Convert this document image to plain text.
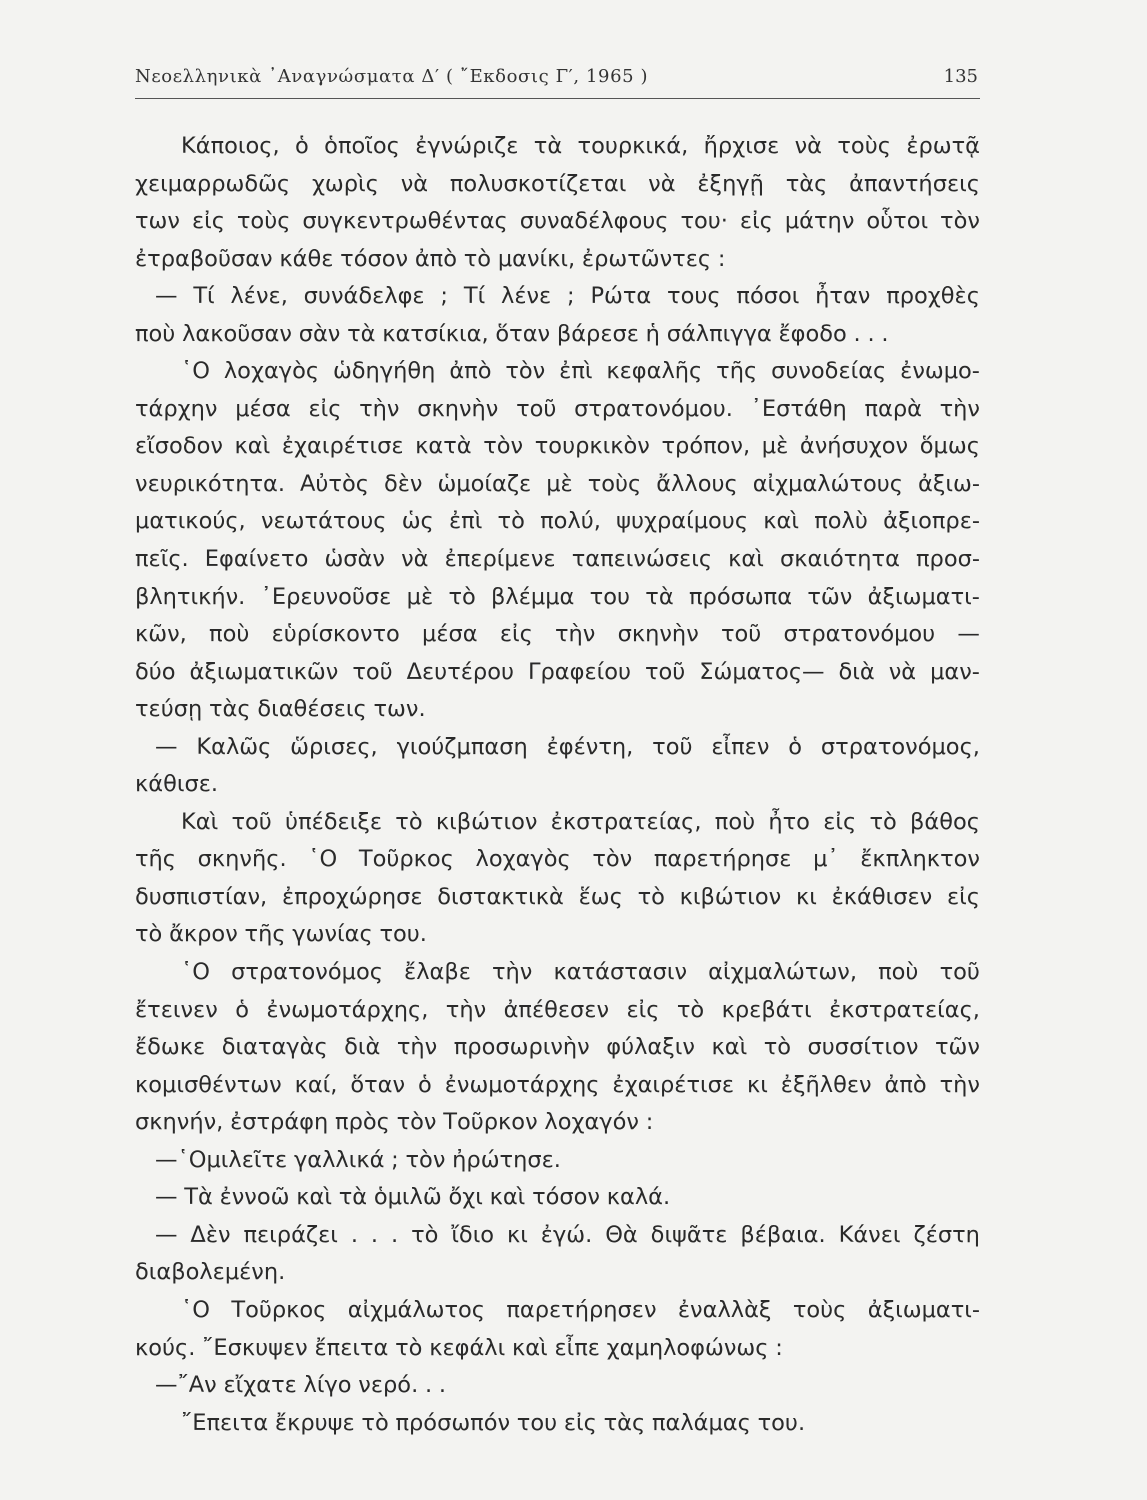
Νεοελληνικὰ ᾿Αναγνώσματα Δ′ ( ῎Εκδοσις Γ′, 1965 )	135
Κάποιος, ὁ ὁποῖος ἐγνώριζε τὰ τουρκικά, ἤρχισε νὰ τοὺς ἐρωτᾷ
χειμαρρωδῶς χωρὶς νὰ πολυσκοτίζεται νὰ ἐξηγῇ τὰς ἀπαντήσεις
των εἰς τοὺς συγκεντρωθέντας συναδέλφους του· εἰς μάτην οὗτοι τὸν
ἐτραβοῦσαν κάθε τόσον ἀπὸ τὸ μανίκι, ἐρωτῶντες :
— Τί λένε, συνάδελφε ; Τί λένε ; Ρώτα τους πόσοι ἦταν προχθὲς
ποὺ λακοῦσαν σὰν τὰ κατσίκια, ὅταν βάρεσε ἡ σάλπιγγα ἔφοδο . . .
῾Ο λοχαγὸς ὡδηγήθη ἀπὸ τὸν ἐπὶ κεφαλῆς τῆς συνοδείας ἐνωμο-
τάρχην μέσα εἰς τὴν σκηνὴν τοῦ στρατονόμου. ᾿Εστάθη παρὰ τὴν
εἴσοδον καὶ ἐχαιρέτισε κατὰ τὸν τουρκικὸν τρόπον, μὲ ἀνήσυχον ὅμως
νευρικότητα. Αὐτὸς δὲν ὡμοίαζε μὲ τοὺς ἄλλους αἰχμαλώτους ἀξιω-
ματικούς, νεωτάτους ὡς ἐπὶ τὸ πολύ, ψυχραίμους καὶ πολὺ ἀξιοπρε-
πεῖς. Εφαίνετο ὡσὰν νὰ ἐπερίμενε ταπεινώσεις καὶ σκαιότητα προσ-
βλητικήν. ᾿Ερευνοῦσε μὲ τὸ βλέμμα του τὰ πρόσωπα τῶν ἀξιωματι-
κῶν, ποὺ εὑρίσκοντο μέσα εἰς τὴν σκηνὴν τοῦ στρατονόμου —
δύο ἀξιωματικῶν τοῦ Δευτέρου Γραφείου τοῦ Σώματος— διὰ νὰ μαν-
τεύσῃ τὰς διαθέσεις των.
— Καλῶς ὥρισες, γιούζμπαση ἐφέντη, τοῦ εἶπεν ὁ στρατονόμος,
κάθισε.
Καὶ τοῦ ὑπέδειξε τὸ κιβώτιον ἐκστρατείας, ποὺ ἦτο εἰς τὸ βάθος
τῆς σκηνῆς. ῾Ο Τοῦρκος λοχαγὸς τὸν παρετήρησε μ᾿ ἔκπληκτον
δυσπιστίαν, ἐπροχώρησε διστακτικὰ ἕως τὸ κιβώτιον κι ἐκάθισεν εἰς
τὸ ἄκρον τῆς γωνίας του.
῾Ο στρατονόμος ἔλαβε τὴν κατάστασιν αἰχμαλώτων, ποὺ τοῦ
ἔτεινεν ὁ ἐνωμοτάρχης, τὴν ἀπέθεσεν εἰς τὸ κρεβάτι ἐκστρατείας,
ἔδωκε διαταγὰς διὰ τὴν προσωρινὴν φύλαξιν καὶ τὸ συσσίτιον τῶν
κομισθέντων καί, ὅταν ὁ ἐνωμοτάρχης ἐχαιρέτισε κι ἐξῆλθεν ἀπὸ τὴν
σκηνήν, ἐστράφη πρὸς τὸν Τοῦρκον λοχαγόν :
—῾Ομιλεῖτε γαλλικά ; τὸν ἠρώτησε.
— Τὰ ἐννοῶ καὶ τὰ ὁμιλῶ ὄχι καὶ τόσον καλά.
— Δὲν πειράζει . . . τὸ ἴδιο κι ἐγώ. Θὰ διψᾶτε βέβαια. Κάνει ζέστη
διαβολεμένη.
῾Ο Τοῦρκος αἰχμάλωτος παρετήρησεν ἐναλλὰξ τοὺς ἀξιωματι-
κούς. ῎Εσκυψεν ἔπειτα τὸ κεφάλι καὶ εἶπε χαμηλοφώνως :
—῎Αν εἴχατε λίγο νερό. . .
῎Επειτα ἔκρυψε τὸ πρόσωπόν του εἰς τὰς παλάμας του.
